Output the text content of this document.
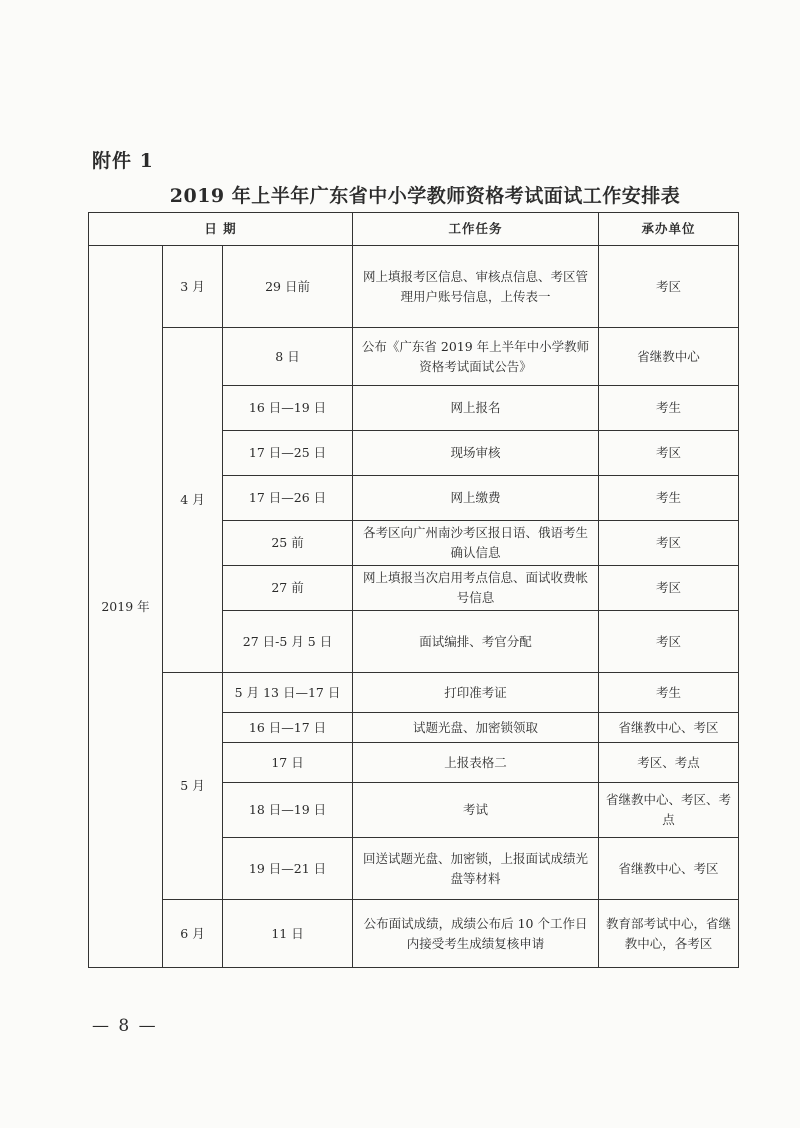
附件 1
2019 年上半年广东省中小学教师资格考试面试工作安排表
日 期			工作任务	承办单位
2019 年	3 月	29 日前	网上填报考区信息、审核点信息、考区管理用户账号信息，上传表一	考区
	4 月	8 日	公布《广东省 2019 年上半年中小学教师资格考试面试公告》	省继教中心
		16 日—19 日	网上报名	考生
		17 日—25 日	现场审核	考区
		17 日—26 日	网上缴费	考生
		25 前	各考区向广州南沙考区报日语、俄语考生确认信息	考区
		27 前	网上填报当次启用考点信息、面试收费帐号信息	考区
		27 日-5 月 5 日	面试编排、考官分配	考区
	5 月	5 月 13 日—17 日	打印准考证	考生
		16 日—17 日	试题光盘、加密锁领取	省继教中心、考区
		17 日	上报表格二	考区、考点
		18 日—19 日	考试	省继教中心、考区、考点
		19 日—21 日	回送试题光盘、加密锁，上报面试成绩光盘等材料	省继教中心、考区
	6 月	11 日	公布面试成绩，成绩公布后 10 个工作日内接受考生成绩复核申请	教育部考试中心，省继教中心，各考区
— 8 —
